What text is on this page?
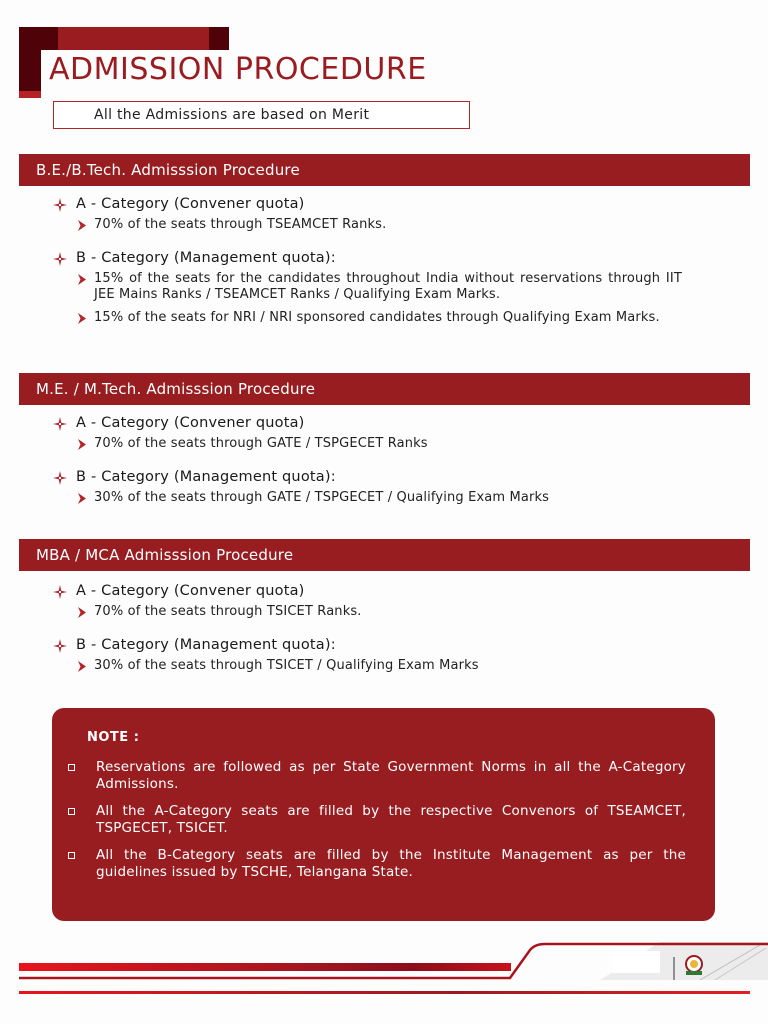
ADMISSION PROCEDURE
All the Admissions are based on Merit
B.E./B.Tech. Admisssion Procedure
A - Category (Convener quota)
70% of the seats through TSEAMCET Ranks.
B - Category (Management quota):
15% of the seats for the candidates throughout India without reservations through IIT JEE Mains Ranks / TSEAMCET Ranks / Qualifying Exam Marks.
15% of the seats for NRI / NRI sponsored candidates through Qualifying Exam Marks.
M.E. / M.Tech. Admisssion Procedure
A - Category (Convener quota)
70% of the seats through GATE / TSPGECET Ranks
B - Category (Management quota):
30% of the seats through GATE / TSPGECET / Qualifying Exam Marks
MBA / MCA Admisssion Procedure
A - Category (Convener quota)
70% of the seats through TSICET Ranks.
B - Category (Management quota):
30% of the seats through TSICET / Qualifying Exam Marks
NOTE :
Reservations are followed as per State Government Norms in all the A-Category Admissions.
All the A-Category seats are filled by the respective Convenors of TSEAMCET, TSPGECET, TSICET.
All the B-Category seats are filled by the Institute Management as per the guidelines issued by TSCHE, Telangana State.
